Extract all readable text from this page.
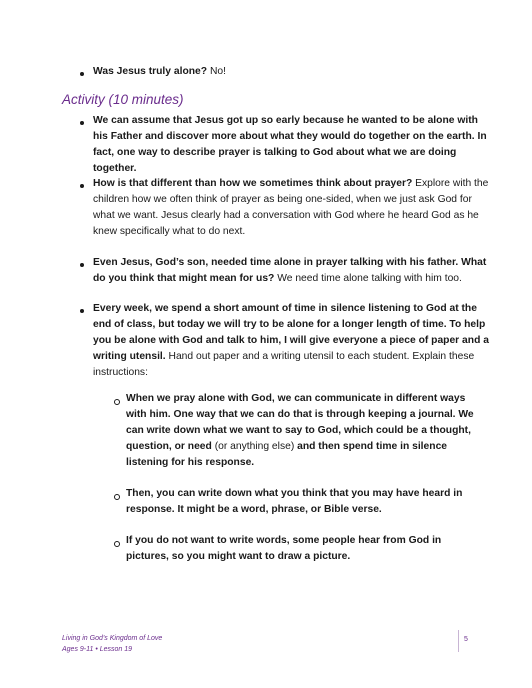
Was Jesus truly alone? No!
Activity (10 minutes)
We can assume that Jesus got up so early because he wanted to be alone with his Father and discover more about what they would do together on the earth. In fact, one way to describe prayer is talking to God about what we are doing together.
How is that different than how we sometimes think about prayer? Explore with the children how we often think of prayer as being one-sided, when we just ask God for what we want. Jesus clearly had a conversation with God where he heard God as he knew specifically what to do next.
Even Jesus, God’s son, needed time alone in prayer talking with his father. What do you think that might mean for us? We need time alone talking with him too.
Every week, we spend a short amount of time in silence listening to God at the end of class, but today we will try to be alone for a longer length of time. To help you be alone with God and talk to him, I will give everyone a piece of paper and a writing utensil. Hand out paper and a writing utensil to each student. Explain these instructions:
When we pray alone with God, we can communicate in different ways with him. One way that we can do that is through keeping a journal. We can write down what we want to say to God, which could be a thought, question, or need (or anything else) and then spend time in silence listening for his response.
Then, you can write down what you think that you may have heard in response. It might be a word, phrase, or Bible verse.
If you do not want to write words, some people hear from God in pictures, so you might want to draw a picture.
Living in God’s Kingdom of Love
Ages 9-11 • Lesson 19
5
